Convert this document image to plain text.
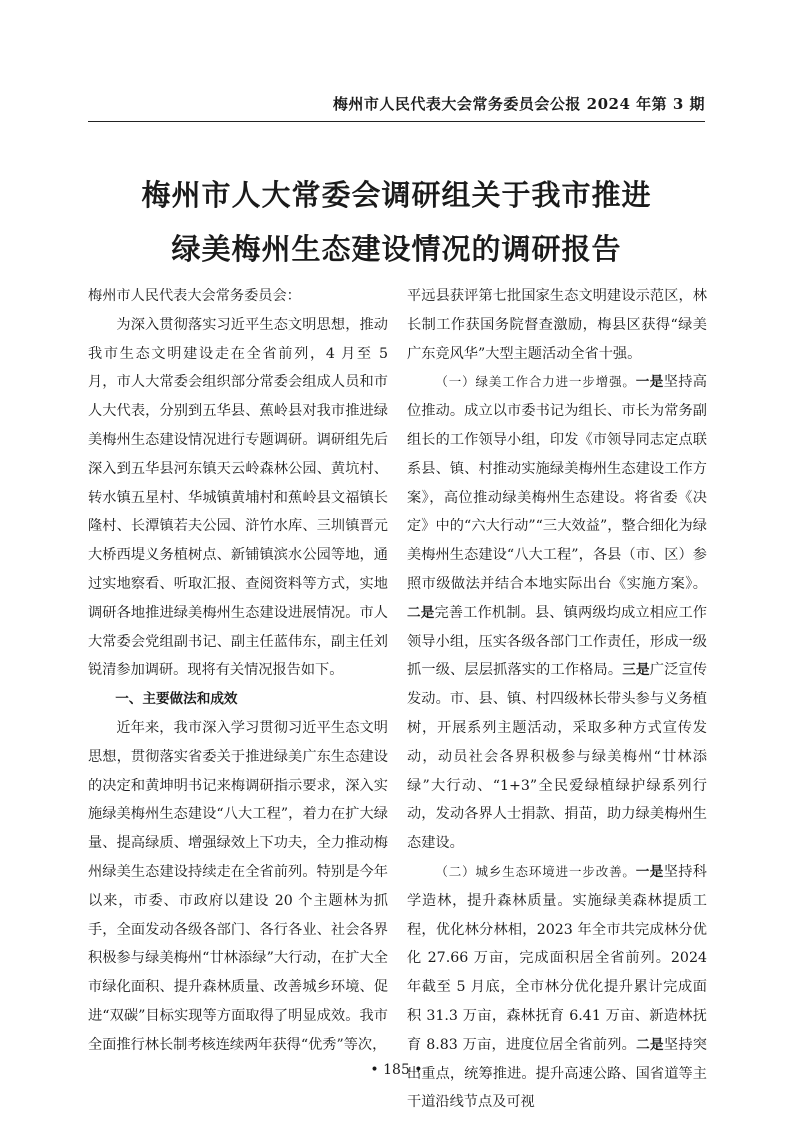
梅州市人民代表大会常务委员会公报 2024 年第 3 期
梅州市人大常委会调研组关于我市推进
绿美梅州生态建设情况的调研报告

梅州市人民代表大会常务委员会：

为深入贯彻落实习近平生态文明思想，推动我市生态文明建设走在全省前列，4 月至 5 月，市人大常委会组织部分常委会组成人员和市人大代表，分别到五华县、蕉岭县对我市推进绿美梅州生态建设情况进行专题调研。调研组先后深入到五华县河东镇天云岭森林公园、黄坑村、转水镇五星村、华城镇黄埔村和蕉岭县文福镇长隆村、长潭镇若夫公园、浒竹水库、三圳镇晋元大桥西堤义务植树点、新铺镇滨水公园等地，通过实地察看、听取汇报、查阅资料等方式，实地调研各地推进绿美梅州生态建设进展情况。市人大常委会党组副书记、副主任蓝伟东，副主任刘锐清参加调研。现将有关情况报告如下。

一、主要做法和成效

近年来，我市深入学习贯彻习近平生态文明思想，贯彻落实省委关于推进绿美广东生态建设的决定和黄坤明书记来梅调研指示要求，深入实施绿美梅州生态建设“八大工程”，着力在扩大绿量、提高绿质、增强绿效上下功夫，全力推动梅州绿美生态建设持续走在全省前列。特别是今年以来，市委、市政府以建设 20 个主题林为抓手，全面发动各级各部门、各行各业、社会各界积极参与绿美梅州“廿林添绿”大行动，在扩大全市绿化面积、提升森林质量、改善城乡环境、促进“双碳”目标实现等方面取得了明显成效。我市全面推行林长制考核连续两年获得“优秀”等次，

平远县获评第七批国家生态文明建设示范区，林长制工作获国务院督查激励，梅县区获得“绿美广东竞风华”大型主题活动全省十强。

（一）绿美工作合力进一步增强。一是坚持高位推动。成立以市委书记为组长、市长为常务副组长的工作领导小组，印发《市领导同志定点联系县、镇、村推动实施绿美梅州生态建设工作方案》，高位推动绿美梅州生态建设。将省委《决定》中的“六大行动”“三大效益”，整合细化为绿美梅州生态建设“八大工程”，各县（市、区）参照市级做法并结合本地实际出台《实施方案》。二是完善工作机制。县、镇两级均成立相应工作领导小组，压实各级各部门工作责任，形成一级抓一级、层层抓落实的工作格局。三是广泛宣传发动。市、县、镇、村四级林长带头参与义务植树，开展系列主题活动，采取多种方式宣传发动，动员社会各界积极参与绿美梅州“廿林添绿”大行动、“1+3”全民爱绿植绿护绿系列行动，发动各界人士捐款、捐苗，助力绿美梅州生态建设。

（二）城乡生态环境进一步改善。一是坚持科学造林，提升森林质量。实施绿美森林提质工程，优化林分林相，2023 年全市共完成林分优化 27.66 万亩，完成面积居全省前列。2024 年截至 5 月底，全市林分优化提升累计完成面积 31.3 万亩，森林抚育 6.41 万亩、新造林抚育 8.83 万亩，进度位居全省前列。二是坚持突出重点，统筹推进。提升高速公路、国省道等主干道沿线节点及可视

• 185 •
